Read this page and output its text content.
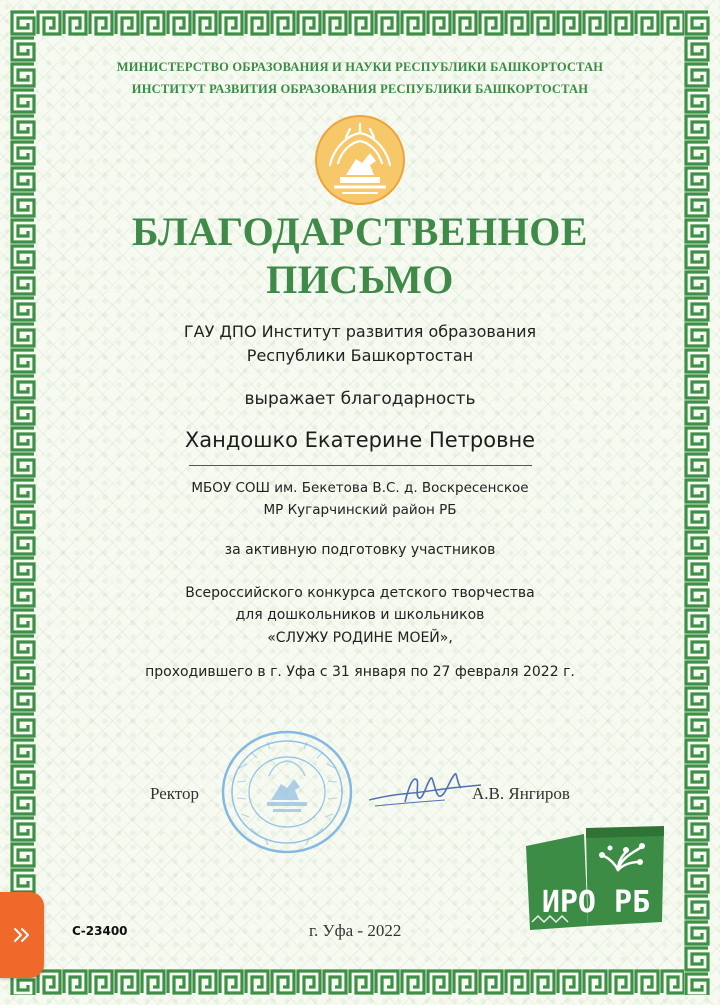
МИНИСТЕРСТВО ОБРАЗОВАНИЯ И НАУКИ РЕСПУБЛИКИ БАШКОРТОСТАН
ИНСТИТУТ РАЗВИТИЯ ОБРАЗОВАНИЯ РЕСПУБЛИКИ БАШКОРТОСТАН
БЛАГОДАРСТВЕННОЕ
ПИСЬМО
ГАУ ДПО Институт развития образования
Республики Башкортостан
выражает благодарность
Хандошко Екатерине Петровне
МБОУ СОШ им. Бекетова В.С. д. Воскресенское
МР Кугарчинский район РБ
за активную подготовку участников
Всероссийского конкурса детского творчества
для дошкольников и школьников
«СЛУЖУ РОДИНЕ МОЕЙ»,
проходившего в г. Уфа с 31 января по 27 февраля 2022 г.
Ректор	А.В. Янгиров
ИРО РБ
С-23400	г. Уфа - 2022
